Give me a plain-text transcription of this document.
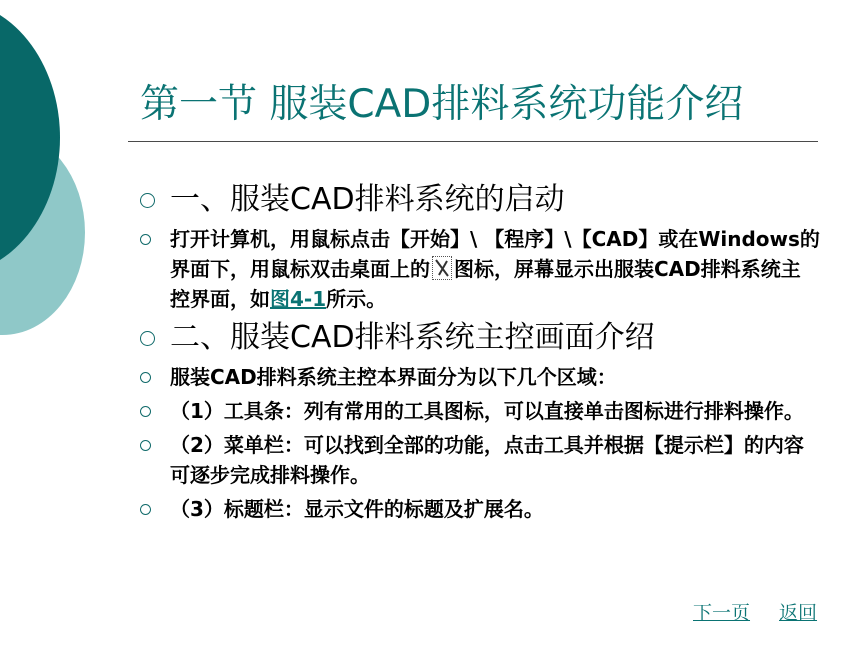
第一节 服装CAD排料系统功能介绍
一、服装CAD排料系统的启动
打开计算机，用鼠标点击【开始】\ 【程序】\【CAD】或在Windows的界面下，用鼠标双击桌面上的 图标，屏幕显示出服装CAD排料系统主控界面，如图4-1所示。
二、服装CAD排料系统主控画面介绍
服装CAD排料系统主控本界面分为以下几个区域：
（1）工具条：列有常用的工具图标，可以直接单击图标进行排料操作。
（2）菜单栏：可以找到全部的功能，点击工具并根据【提示栏】的内容可逐步完成排料操作。
（3）标题栏：显示文件的标题及扩展名。
下一页 返回
